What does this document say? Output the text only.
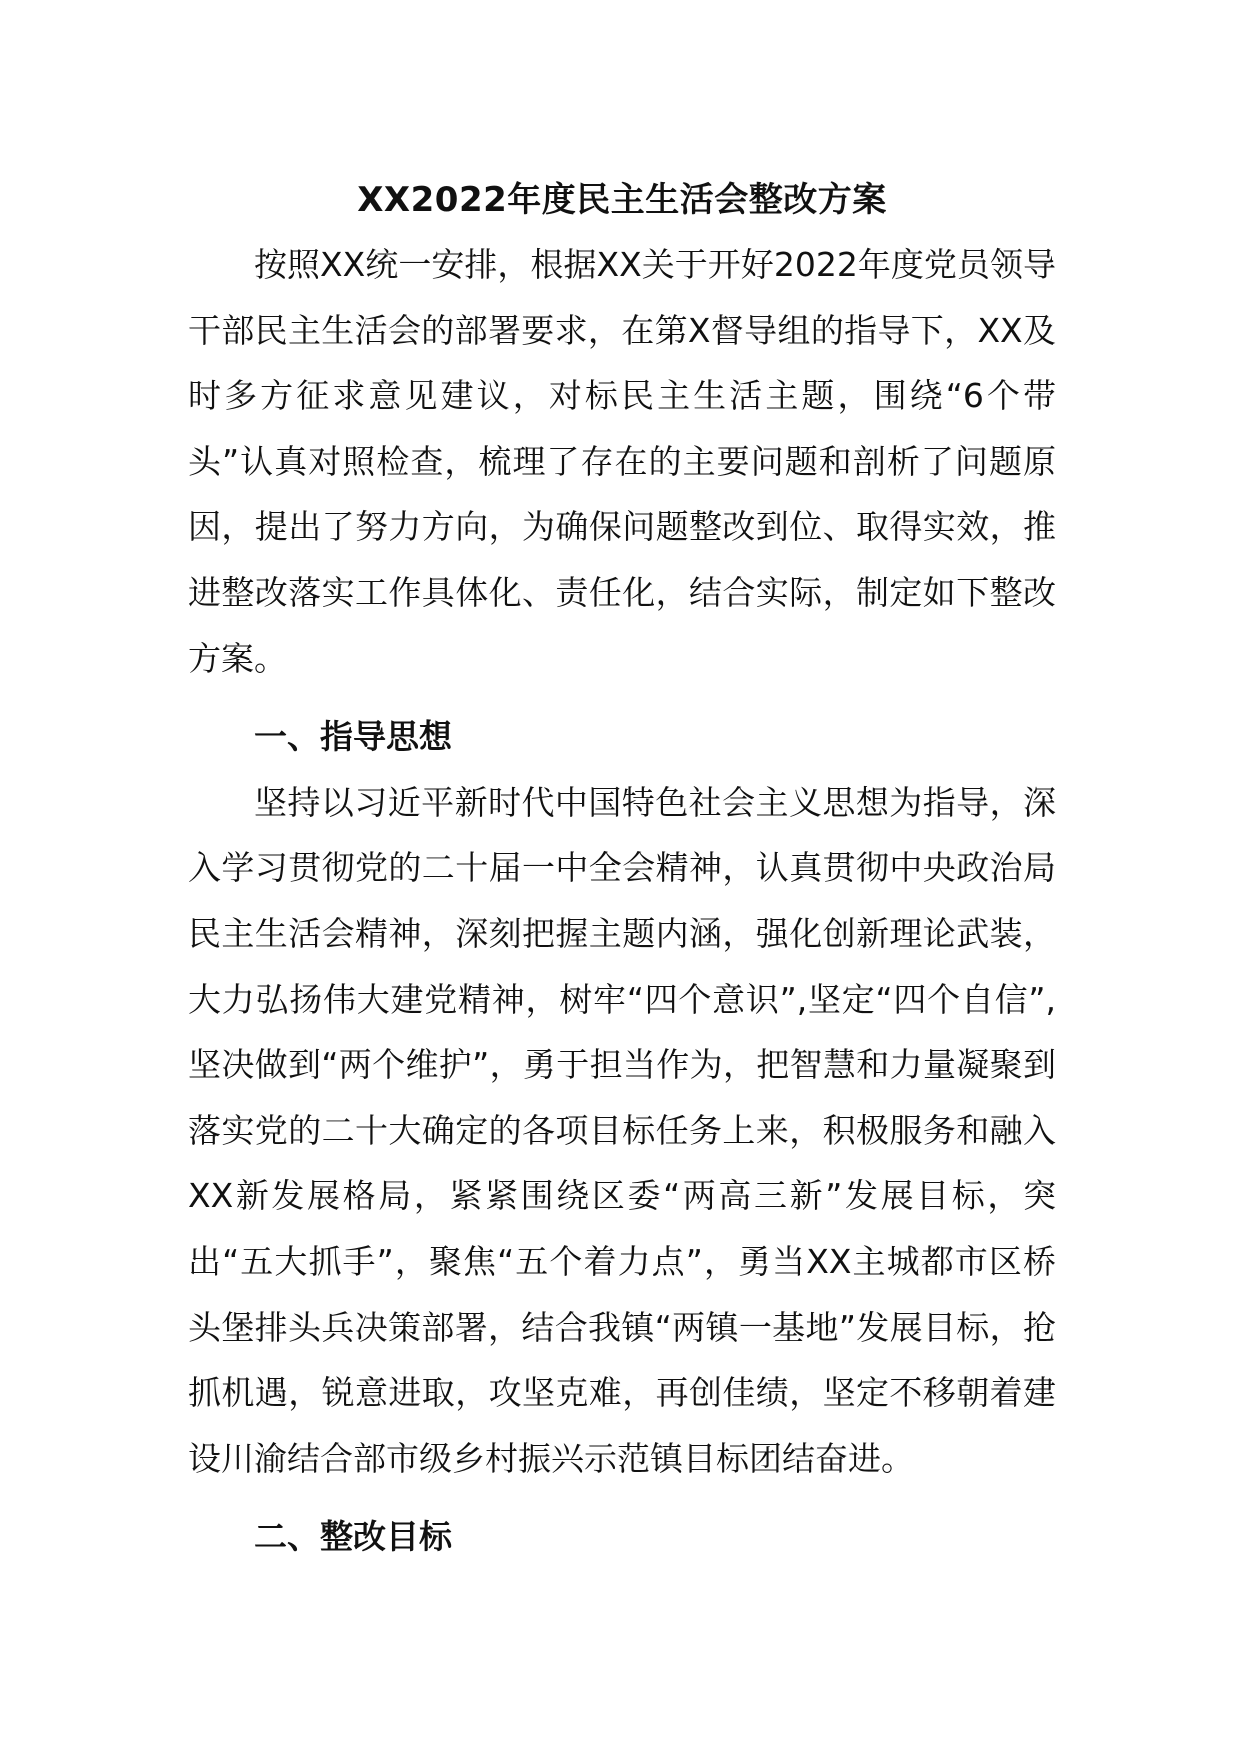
XX2022年度民主生活会整改方案

按照XX统一安排，根据XX关于开好2022年度党员领导干部民主生活会的部署要求，在第X督导组的指导下，XX及时多方征求意见建议，对标民主生活主题，围绕“6个带头”认真对照检查，梳理了存在的主要问题和剖析了问题原因，提出了努力方向，为确保问题整改到位、取得实效，推进整改落实工作具体化、责任化，结合实际，制定如下整改方案。

一、指导思想

坚持以习近平新时代中国特色社会主义思想为指导，深入学习贯彻党的二十届一中全会精神，认真贯彻中央政治局民主生活会精神，深刻把握主题内涵，强化创新理论武装，大力弘扬伟大建党精神，树牢“四个意识”,坚定“四个自信”,坚决做到“两个维护”，勇于担当作为，把智慧和力量凝聚到落实党的二十大确定的各项目标任务上来，积极服务和融入XX新发展格局，紧紧围绕区委“两高三新”发展目标，突出“五大抓手”，聚焦“五个着力点”，勇当XX主城都市区桥头堡排头兵决策部署，结合我镇“两镇一基地”发展目标，抢抓机遇，锐意进取，攻坚克难，再创佳绩，坚定不移朝着建设川渝结合部市级乡村振兴示范镇目标团结奋进。

二、整改目标
